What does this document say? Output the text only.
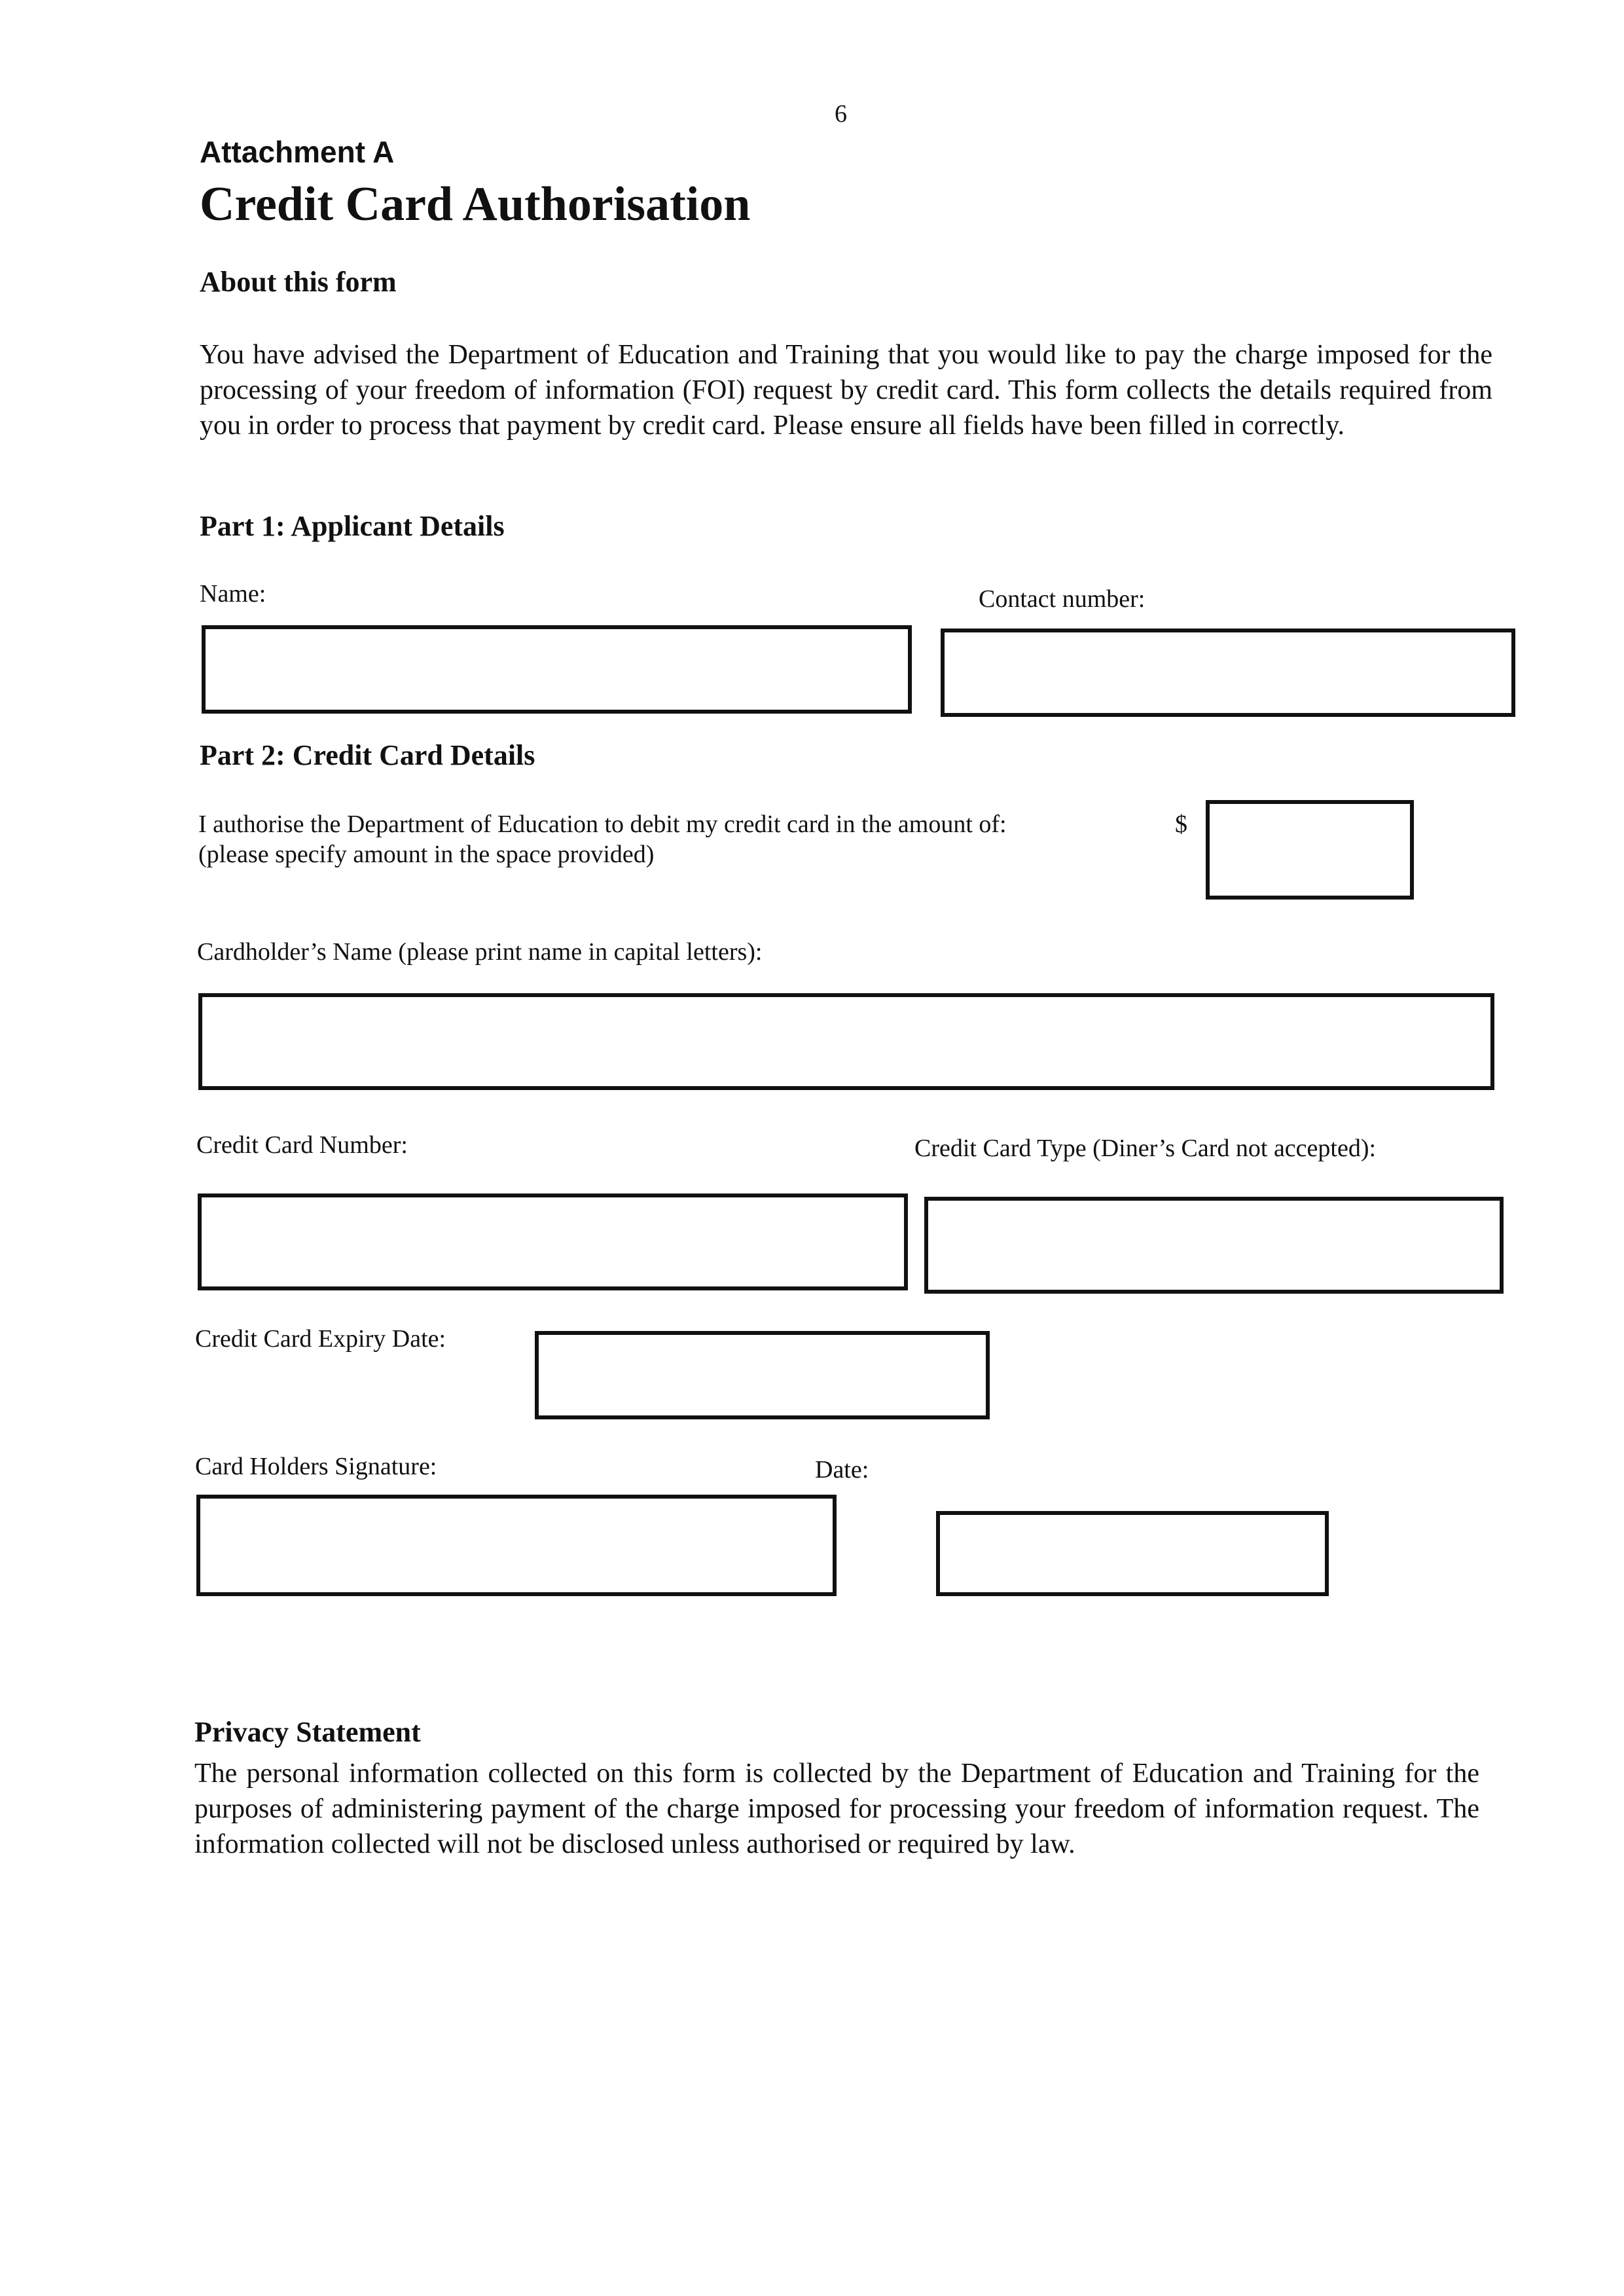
6
Attachment A
Credit Card Authorisation
About this form
You have advised the Department of Education and Training that you would like to pay the charge imposed for the processing of your freedom of information (FOI) request by credit card. This form collects the details required from you in order to process that payment by credit card. Please ensure all fields have been filled in correctly.
Part 1: Applicant Details
Name:	Contact number:
Part 2: Credit Card Details
I authorise the Department of Education to debit my credit card in the amount of:
(please specify amount in the space provided)
$
Cardholder’s Name (please print name in capital letters):
Credit Card Number:	Credit Card Type (Diner’s Card not accepted):
Credit Card Expiry Date:
Card Holders Signature:	Date:
Privacy Statement
The personal information collected on this form is collected by the Department of Education and Training for the purposes of administering payment of the charge imposed for processing your freedom of information request. The information collected will not be disclosed unless authorised or required by law.
